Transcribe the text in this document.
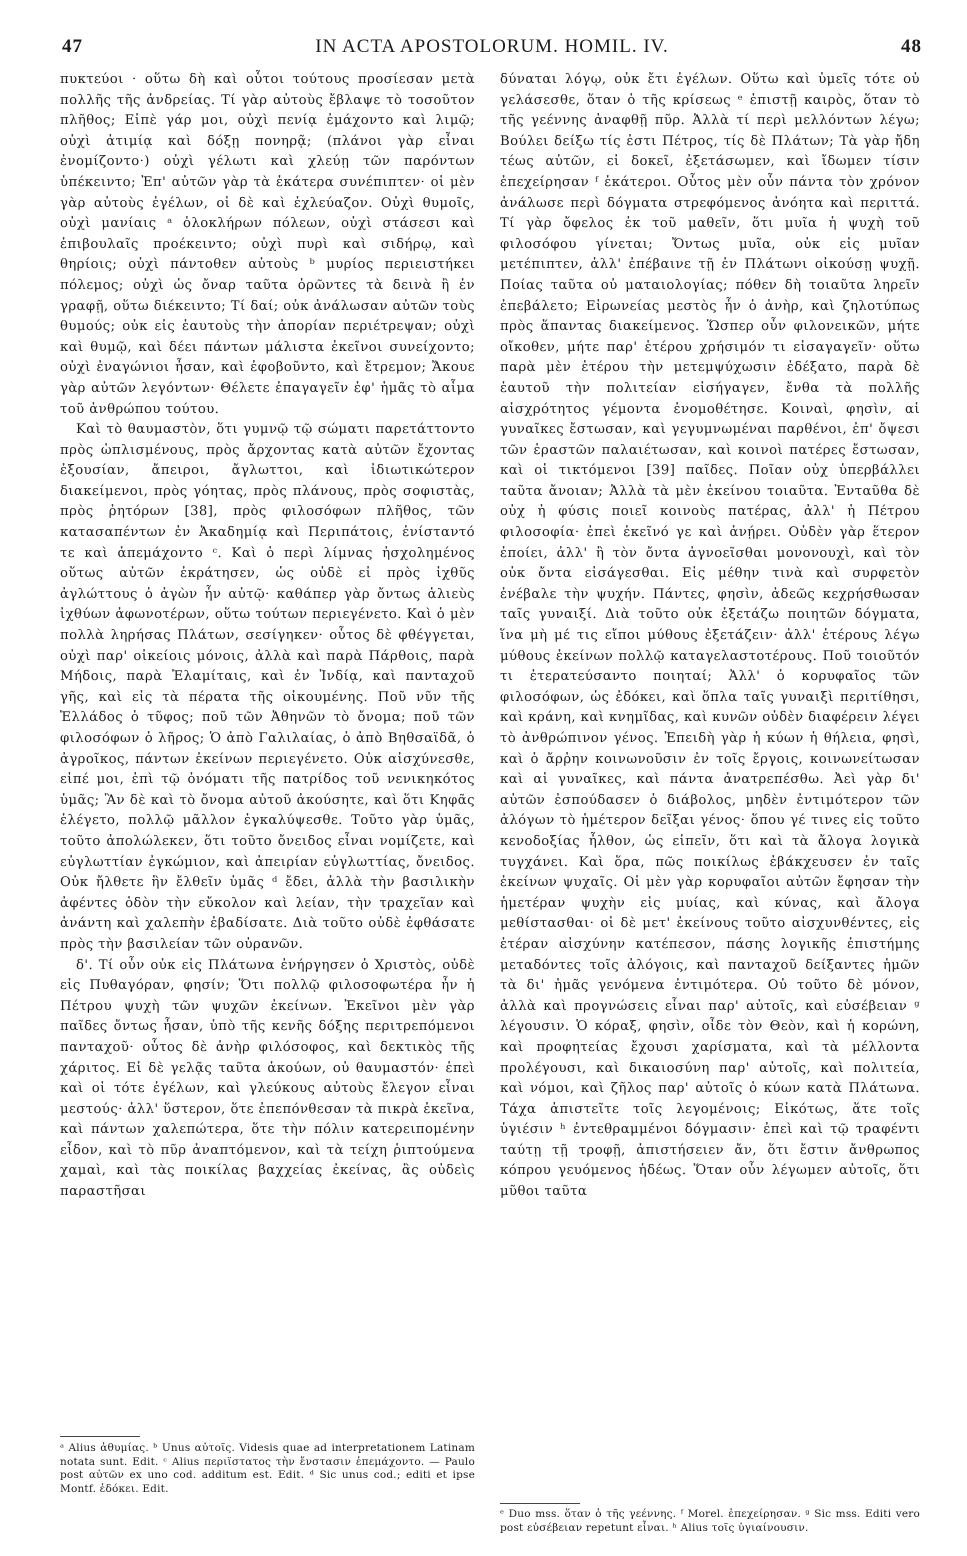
47	IN ACTA APOSTOLORUM. HOMIL. IV.	48

πυκτεύοι · οὕτω δὴ καὶ οὗτοι τούτους προσίεσαν μετὰ πολλῆς τῆς ἀνδρείας. Τί γὰρ αὐτοὺς ἔβλαψε τὸ τοσοῦτον πλῆθος; Εἰπὲ γάρ μοι, οὐχὶ πενίᾳ ἐμάχοντο καὶ λιμῷ; οὐχὶ ἀτιμίᾳ καὶ δόξῃ πονηρᾷ; (πλάνοι γὰρ εἶναι ἐνομίζοντο·) οὐχὶ γέλωτι καὶ χλεύῃ τῶν παρόντων ὑπέκειντο; Ἐπ' αὐτῶν γὰρ τὰ ἑκάτερα συνέπιπτεν· οἱ μὲν γὰρ αὐτοὺς ἐγέλων, οἱ δὲ καὶ ἐχλεύαζον. Οὐχὶ θυμοῖς, οὐχὶ μανίαις ᵃ ὁλοκλήρων πόλεων, οὐχὶ στάσεσι καὶ ἐπιβουλαῖς προέκειντο; οὐχὶ πυρὶ καὶ σιδήρῳ, καὶ θηρίοις; οὐχὶ πάντοθεν αὐτοὺς ᵇ μυρίος περιειστήκει πόλεμος; οὐχὶ ὡς ὄναρ ταῦτα ὁρῶντες τὰ δεινὰ ἢ ἐν γραφῇ, οὕτω διέκειντο; Τί δαί; οὐκ ἀνάλωσαν αὐτῶν τοὺς θυμούς; οὐκ εἰς ἑαυτοὺς τὴν ἀπορίαν περιέτρεψαν; οὐχὶ καὶ θυμῷ, καὶ δέει πάντων μάλιστα ἐκεῖνοι συνείχοντο; οὐχὶ ἐναγώνιοι ἦσαν, καὶ ἐφοβοῦντο, καὶ ἔτρεμον; Ἄκουε γὰρ αὐτῶν λεγόντων· Θέλετε ἐπαγαγεῖν ἐφ' ἡμᾶς τὸ αἷμα τοῦ ἀνθρώπου τούτου.

Καὶ τὸ θαυμαστὸν, ὅτι γυμνῷ τῷ σώματι παρετάττοντο πρὸς ὡπλισμένους, πρὸς ἄρχοντας κατὰ αὐτῶν ἔχοντας ἐξουσίαν, ἄπειροι, ἄγλωττοι, καὶ ἰδιωτικώτερον διακείμενοι, πρὸς γόητας, πρὸς πλάνους, πρὸς σοφιστὰς, πρὸς ῥητόρων [38], πρὸς φιλοσόφων πλῆθος, τῶν κατασαπέντων ἐν Ἀκαδημίᾳ καὶ Περιπάτοις, ἐνίσταντό τε καὶ ἀπεμάχοντο ᶜ. Καὶ ὁ περὶ λίμνας ἠσχολημένος οὕτως αὐτῶν ἐκράτησεν, ὡς οὐδὲ εἰ πρὸς ἰχθῦς ἀγλώττους ὁ ἀγὼν ἦν αὐτῷ· καθάπερ γὰρ ὄντως ἁλιεὺς ἰχθύων ἀφωνοτέρων, οὕτω τούτων περιεγένετο. Καὶ ὁ μὲν πολλὰ ληρήσας Πλάτων, σεσίγηκεν· οὗτος δὲ φθέγγεται, οὐχὶ παρ' οἰκείοις μόνοις, ἀλλὰ καὶ παρὰ Πάρθοις, παρὰ Μήδοις, παρὰ Ἐλαμίταις, καὶ ἐν Ἰνδίᾳ, καὶ πανταχοῦ γῆς, καὶ εἰς τὰ πέρατα τῆς οἰκουμένης. Ποῦ νῦν τῆς Ἑλλάδος ὁ τῦφος; ποῦ τῶν Ἀθηνῶν τὸ ὄνομα; ποῦ τῶν φιλοσόφων ὁ λῆρος; Ὁ ἀπὸ Γαλιλαίας, ὁ ἀπὸ Βηθσαϊδᾶ, ὁ ἀγροῖκος, πάντων ἐκείνων περιεγένετο. Οὐκ αἰσχύνεσθε, εἰπέ μοι, ἐπὶ τῷ ὀνόματι τῆς πατρίδος τοῦ νενικηκότος ὑμᾶς; Ἂν δὲ καὶ τὸ ὄνομα αὐτοῦ ἀκούσητε, καὶ ὅτι Κηφᾶς ἐλέγετο, πολλῷ μᾶλλον ἐγκαλύψεσθε. Τοῦτο γὰρ ὑμᾶς, τοῦτο ἀπολώλεκεν, ὅτι τοῦτο ὄνειδος εἶναι νομίζετε, καὶ εὐγλωττίαν ἐγκώμιον, καὶ ἀπειρίαν εὐγλωττίας, ὄνειδος. Οὐκ ἤλθετε ἣν ἔλθεῖν ὑμᾶς ᵈ ἔδει, ἀλλὰ τὴν βασιλικὴν ἀφέντες ὁδὸν τὴν εὔκολον καὶ λείαν, τὴν τραχεῖαν καὶ ἀνάντη καὶ χαλεπὴν ἐβαδίσατε. Διὰ τοῦτο οὐδὲ ἐφθάσατε πρὸς τὴν βασιλείαν τῶν οὐρανῶν.

δ'. Τί οὖν οὐκ εἰς Πλάτωνα ἐνήργησεν ὁ Χριστὸς, οὐδὲ εἰς Πυθαγόραν, φησίν; Ὅτι πολλῷ φιλοσοφωτέρα ἦν ἡ Πέτρου ψυχὴ τῶν ψυχῶν ἐκείνων. Ἐκεῖνοι μὲν γὰρ παῖδες ὄντως ἦσαν, ὑπὸ τῆς κενῆς δόξης περιτρεπόμενοι πανταχοῦ· οὗτος δὲ ἀνὴρ φιλόσοφος, καὶ δεκτικὸς τῆς χάριτος. Εἰ δὲ γελᾷς ταῦτα ἀκούων, οὐ θαυμαστόν· ἐπεὶ καὶ οἱ τότε ἐγέλων, καὶ γλεύκους αὐτοὺς ἔλεγον εἶναι μεστούς· ἀλλ' ὕστερον, ὅτε ἐπεπόνθεσαν τὰ πικρὰ ἐκεῖνα, καὶ πάντων χαλεπώτερα, ὅτε τὴν πόλιν κατερειπομένην εἶδον, καὶ τὸ πῦρ ἀναπτόμενον, καὶ τὰ τείχη ῥιπτούμενα χαμαὶ, καὶ τὰς ποικίλας βαχχείας ἐκείνας, ἃς οὐδεὶς παραστῆσαι

δύναται λόγῳ, οὐκ ἔτι ἐγέλων. Οὕτω καὶ ὑμεῖς τότε οὐ γελάσεσθε, ὅταν ὁ τῆς κρίσεως ᵉ ἐπιστῇ καιρὸς, ὅταν τὸ τῆς γεέννης ἀναφθῇ πῦρ. Ἀλλὰ τί περὶ μελλόντων λέγω; Βούλει δείξω τίς ἐστι Πέτρος, τίς δὲ Πλάτων; Τὰ γὰρ ἤδη τέως αὐτῶν, εἰ δοκεῖ, ἐξετάσωμεν, καὶ ἴδωμεν τίσιν ἐπεχείρησαν ᶠ ἑκάτεροι. Οὗτος μὲν οὖν πάντα τὸν χρόνον ἀνάλωσε περὶ δόγματα στρεφόμενος ἀνόητα καὶ περιττά. Τί γὰρ ὄφελος ἐκ τοῦ μαθεῖν, ὅτι μυῖα ἡ ψυχὴ τοῦ φιλοσόφου γίνεται; Ὄντως μυῖα, οὐκ εἰς μυῖαν μετέπιπτεν, ἀλλ' ἐπέβαινε τῇ ἐν Πλάτωνι οἰκούσῃ ψυχῇ. Ποίας ταῦτα οὐ ματαιολογίας; πόθεν δὴ τοιαῦτα ληρεῖν ἐπεβάλετο; Εἰρωνείας μεστὸς ἦν ὁ ἀνὴρ, καὶ ζηλοτύπως πρὸς ἅπαντας διακείμενος. Ὥσπερ οὖν φιλονεικῶν, μήτε οἴκοθεν, μήτε παρ' ἑτέρου χρήσιμόν τι εἰσαγαγεῖν· οὕτω παρὰ μὲν ἑτέρου τὴν μετεμψύχωσιν ἐδέξατο, παρὰ δὲ ἑαυτοῦ τὴν πολιτείαν εἰσήγαγεν, ἔνθα τὰ πολλῆς αἰσχρότητος γέμοντα ἐνομοθέτησε. Κοιναὶ, φησὶν, αἱ γυναῖκες ἔστωσαν, καὶ γεγυμνωμέναι παρθένοι, ἐπ' ὄψεσι τῶν ἐραστῶν παλαιέτωσαν, καὶ κοινοὶ πατέρες ἔστωσαν, καὶ οἱ τικτόμενοι [39] παῖδες. Ποῖαν οὐχ ὑπερβάλλει ταῦτα ἄνοιαν; Ἀλλὰ τὰ μὲν ἐκείνου τοιαῦτα. Ἐνταῦθα δὲ οὐχ ἡ φύσις ποιεῖ κοινοὺς πατέρας, ἀλλ' ἡ Πέτρου φιλοσοφία· ἐπεὶ ἐκεῖνό γε καὶ ἀνῄρει. Οὐδὲν γὰρ ἕτερον ἐποίει, ἀλλ' ἢ τὸν ὄντα ἀγνοεῖσθαι μονονουχὶ, καὶ τὸν οὐκ ὄντα εἰσάγεσθαι. Εἰς μέθην τινὰ καὶ συρφετὸν ἐνέβαλε τὴν ψυχήν. Πάντες, φησὶν, ἀδεῶς κεχρήσθωσαν ταῖς γυναιξί. Διὰ τοῦτο οὐκ ἐξετάζω ποιητῶν δόγματα, ἵνα μὴ μέ τις εἴποι μύθους ἐξετάζειν· ἀλλ' ἑτέρους λέγω μύθους ἐκείνων πολλῷ καταγελαστοτέρους. Ποῦ τοιοῦτόν τι ἐτερατεύσαντο ποιηταί; Ἀλλ' ὁ κορυφαῖος τῶν φιλοσόφων, ὡς ἐδόκει, καὶ ὅπλα ταῖς γυναιξὶ περιτίθησι, καὶ κράνη, καὶ κνημῖδας, καὶ κυνῶν οὐδὲν διαφέρειν λέγει τὸ ἀνθρώπινον γένος. Ἐπειδὴ γὰρ ἡ κύων ἡ θήλεια, φησὶ, καὶ ὁ ἄρῥην κοινωνοῦσιν ἐν τοῖς ἔργοις, κοινωνείτωσαν καὶ αἱ γυναῖκες, καὶ πάντα ἀνατρεπέσθω. Ἀεὶ γὰρ δι' αὐτῶν ἐσπούδασεν ὁ διάβολος, μηδὲν ἐντιμότερον τῶν ἀλόγων τὸ ἡμέτερον δεῖξαι γένος· ὅπου γέ τινες εἰς τοῦτο κενοδοξίας ἦλθον, ὡς εἰπεῖν, ὅτι καὶ τὰ ἄλογα λογικὰ τυγχάνει. Καὶ ὅρα, πῶς ποικίλως ἐβάκχευσεν ἐν ταῖς ἐκείνων ψυχαῖς. Οἱ μὲν γὰρ κορυφαῖοι αὐτῶν ἔφησαν τὴν ἡμετέραν ψυχὴν εἰς μυίας, καὶ κύνας, καὶ ἄλογα μεθίστασθαι· οἱ δὲ μετ' ἐκείνους τοῦτο αἰσχυνθέντες, εἰς ἑτέραν αἰσχύνην κατέπεσον, πάσης λογικῆς ἐπιστήμης μεταδόντες τοῖς ἀλόγοις, καὶ πανταχοῦ δείξαντες ἡμῶν τὰ δι' ἡμᾶς γενόμενα ἐντιμότερα. Οὐ τοῦτο δὲ μόνον, ἀλλὰ καὶ προγνώσεις εἶναι παρ' αὐτοῖς, καὶ εὐσέβειαν ᵍ λέγουσιν. Ὁ κόραξ, φησὶν, οἶδε τὸν Θεὸν, καὶ ἡ κορώνη, καὶ προφητείας ἔχουσι χαρίσματα, καὶ τὰ μέλλοντα προλέγουσι, καὶ δικαιοσύνη παρ' αὐτοῖς, καὶ πολιτεία, καὶ νόμοι, καὶ ζῆλος παρ' αὐτοῖς ὁ κύων κατὰ Πλάτωνα. Τάχα ἀπιστεῖτε τοῖς λεγομένοις; Εἰκότως, ἅτε τοῖς ὑγιέσιν ʰ ἐντεθραμμένοι δόγμασιν· ἐπεὶ καὶ τῷ τραφέντι ταύτῃ τῇ τροφῇ, ἀπιστήσειεν ἄν, ὅτι ἔστιν ἄνθρωπος κόπρου γευόμενος ἡδέως. Ὅταν οὖν λέγωμεν αὐτοῖς, ὅτι μῦθοι ταῦτα

ᵃ Alius ἀθυμίας. ᵇ Unus αὐτοῖς. Videsis quae ad interpretationem Latinam notata sunt. Edit. ᶜ Alius περιϊστατος τὴν ἔνστασιν ἐπεμάχοντο. — Paulo post αὐτῶν ex uno cod. additum est. Edit. ᵈ Sic unus cod.; editi et ipse Montf. ἐδόκει. Edit.
ᵉ Duo mss. ὅταν ὁ τῆς γεέννης. ᶠ Morel. ἐπεχείρησαν. ᵍ Sic mss. Editi vero post εὐσέβειαν repetunt εἶναι. ʰ Alius τοῖς ὑγιαίνουσιν.
